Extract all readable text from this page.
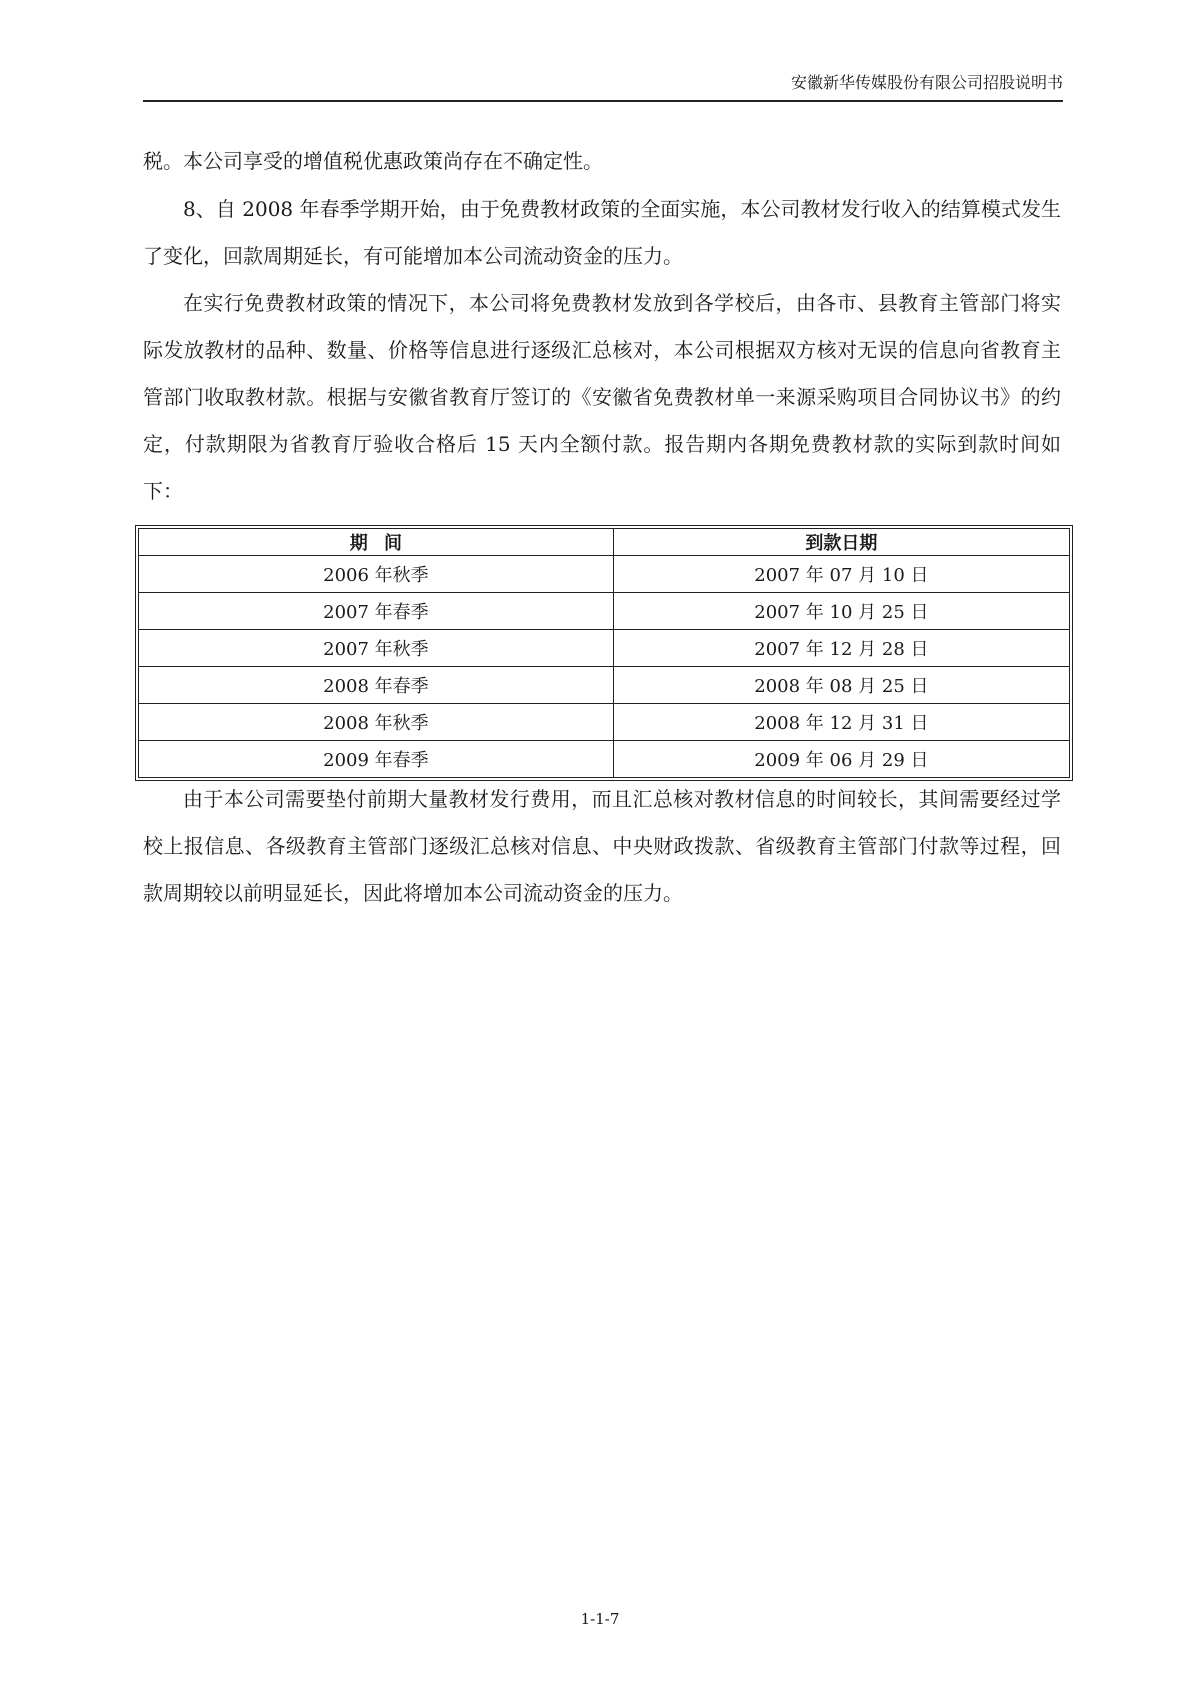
安徽新华传媒股份有限公司招股说明书

税。本公司享受的增值税优惠政策尚存在不确定性。

8、自 2008 年春季学期开始，由于免费教材政策的全面实施，本公司教材发行收入的结算模式发生了变化，回款周期延长，有可能增加本公司流动资金的压力。

在实行免费教材政策的情况下，本公司将免费教材发放到各学校后，由各市、县教育主管部门将实际发放教材的品种、数量、价格等信息进行逐级汇总核对，本公司根据双方核对无误的信息向省教育主管部门收取教材款。根据与安徽省教育厅签订的《安徽省免费教材单一来源采购项目合同协议书》的约定，付款期限为省教育厅验收合格后 15 天内全额付款。报告期内各期免费教材款的实际到款时间如下：

期间	到款日期
2006 年秋季	2007 年 07 月 10 日
2007 年春季	2007 年 10 月 25 日
2007 年秋季	2007 年 12 月 28 日
2008 年春季	2008 年 08 月 25 日
2008 年秋季	2008 年 12 月 31 日
2009 年春季	2009 年 06 月 29 日

由于本公司需要垫付前期大量教材发行费用，而且汇总核对教材信息的时间较长，其间需要经过学校上报信息、各级教育主管部门逐级汇总核对信息、中央财政拨款、省级教育主管部门付款等过程，回款周期较以前明显延长，因此将增加本公司流动资金的压力。

1-1-7
